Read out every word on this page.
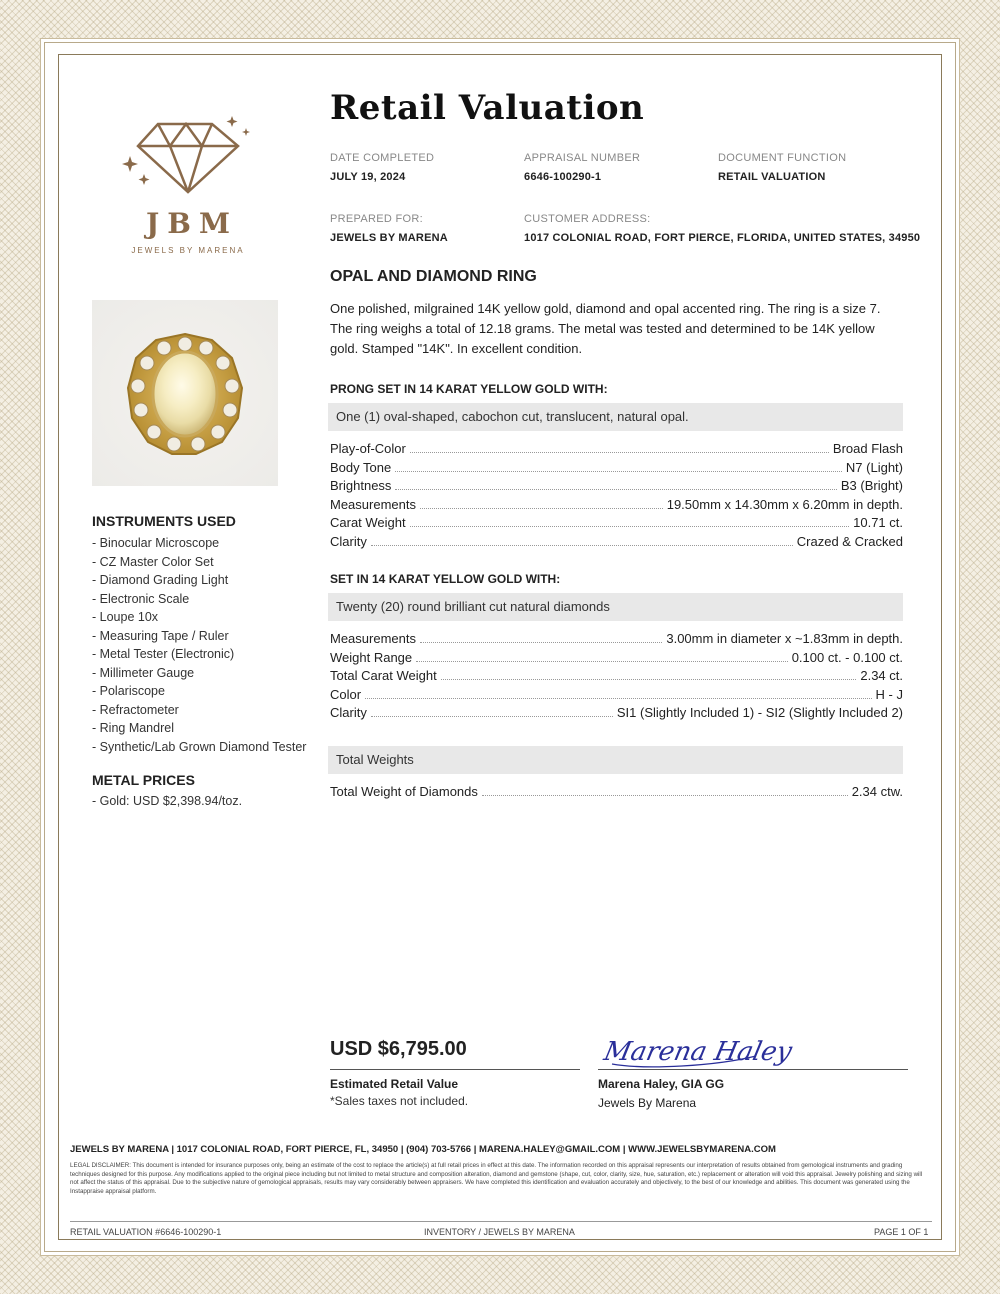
JBM
JEWELS BY MARENA
INSTRUMENTS USED
- Binocular Microscope
- CZ Master Color Set
- Diamond Grading Light
- Electronic Scale
- Loupe 10x
- Measuring Tape / Ruler
- Metal Tester (Electronic)
- Millimeter Gauge
- Polariscope
- Refractometer
- Ring Mandrel
- Synthetic/Lab Grown Diamond Tester
METAL PRICES
- Gold: USD $2,398.94/toz.
Retail Valuation
DATE COMPLETED
JULY 19, 2024
APPRAISAL NUMBER
6646-100290-1
DOCUMENT FUNCTION
RETAIL VALUATION
PREPARED FOR:
JEWELS BY MARENA
CUSTOMER ADDRESS:
1017 COLONIAL ROAD, FORT PIERCE, FLORIDA, UNITED STATES, 34950
OPAL AND DIAMOND RING
One polished, milgrained 14K yellow gold, diamond and opal accented ring. The ring is a size 7. The ring weighs a total of 12.18 grams. The metal was tested and determined to be 14K yellow gold. Stamped "14K". In excellent condition.
PRONG SET IN 14 KARAT YELLOW GOLD WITH:
One (1) oval-shaped, cabochon cut, translucent, natural opal.
Play-of-Color	Broad Flash
Body Tone	N7 (Light)
Brightness	B3 (Bright)
Measurements	19.50mm x 14.30mm x 6.20mm in depth.
Carat Weight	10.71 ct.
Clarity	Crazed & Cracked
SET IN 14 KARAT YELLOW GOLD WITH:
Twenty (20) round brilliant cut natural diamonds
Measurements	3.00mm in diameter x ~1.83mm in depth.
Weight Range	0.100 ct. - 0.100 ct.
Total Carat Weight	2.34 ct.
Color	H - J
Clarity	SI1 (Slightly Included 1) - SI2 (Slightly Included 2)
Total Weights
Total Weight of Diamonds	2.34 ctw.
USD $6,795.00
Estimated Retail Value
*Sales taxes not included.
Marena Haley
Marena Haley, GIA GG
Jewels By Marena
JEWELS BY MARENA | 1017 COLONIAL ROAD, FORT PIERCE, FL, 34950 | (904) 703-5766 | MARENA.HALEY@GMAIL.COM | WWW.JEWELSBYMARENA.COM
LEGAL DISCLAIMER: This document is intended for insurance purposes only, being an estimate of the cost to replace the article(s) at full retail prices in effect at this date. The information recorded on this appraisal represents our interpretation of results obtained from gemological instruments and grading techniques designed for this purpose. Any modifications applied to the original piece including but not limited to metal structure and composition alteration, diamond and gemstone (shape, cut, color, clarity, size, hue, saturation, etc.) replacement or alteration will void this appraisal. Jewelry polishing and sizing will not affect the status of this appraisal. Due to the subjective nature of gemological appraisals, results may vary considerably between appraisers. We have completed this identification and evaluation accurately and objectively, to the best of our knowledge and abilities. This document was generated using the Instappraise appraisal platform.
RETAIL VALUATION #6646-100290-1	INVENTORY / JEWELS BY MARENA	PAGE 1 OF 1
